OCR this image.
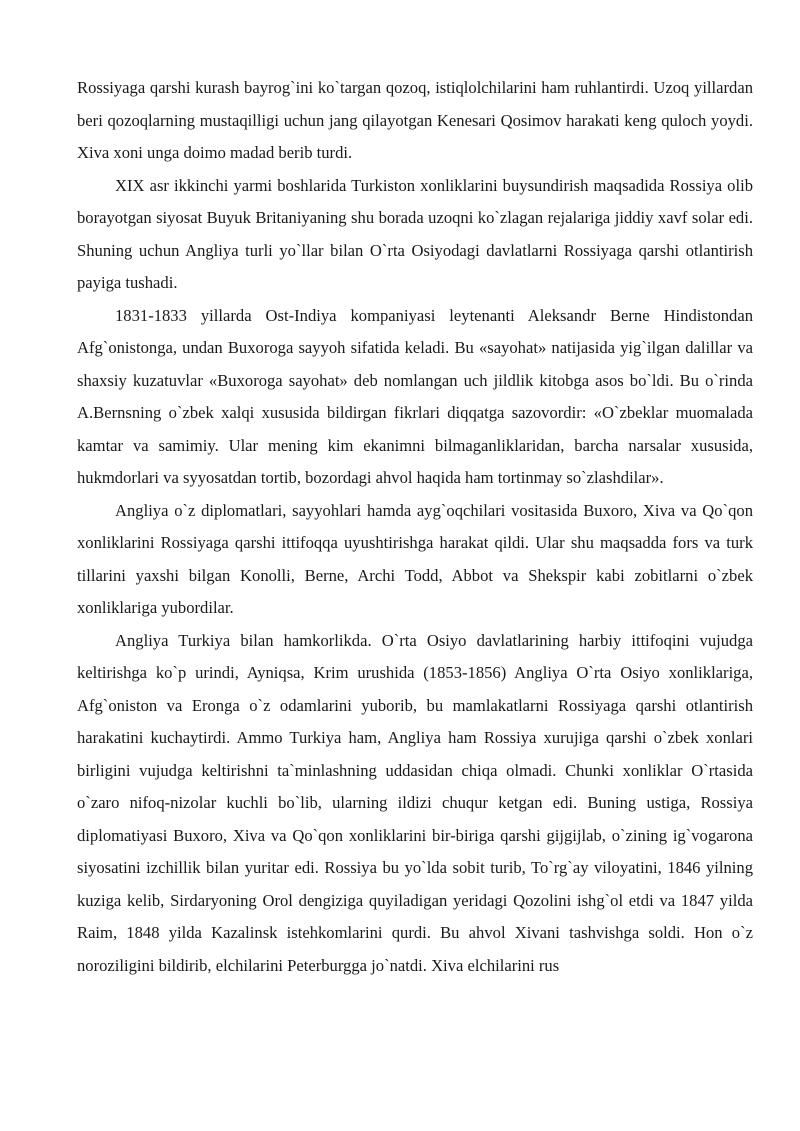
Rossiyaga qarshi kurash bayrog`ini ko`targan qozoq, istiqlolchilarini ham ruhlantirdi. Uzoq yillardan beri qozoqlarning mustaqilligi uchun jang qilayotgan Kenesari Qosimov harakati keng quloch yoydi. Xiva xoni unga doimo madad berib turdi.

XIX asr ikkinchi yarmi boshlarida Turkiston xonliklarini buysundirish maqsadida Rossiya olib borayotgan siyosat Buyuk Britaniyaning shu borada uzoqni ko`zlagan rejalariga jiddiy xavf solar edi. Shuning uchun Angliya turli yo`llar bilan O`rta Osiyodagi davlatlarni Rossiyaga qarshi otlantirish payiga tushadi.

1831-1833 yillarda Ost-Indiya kompaniyasi leytenanti Aleksandr Berne Hindistondan Afg`onistonga, undan Buxoroga sayyoh sifatida keladi. Bu «sayohat» natijasida yig`ilgan dalillar va shaxsiy kuzatuvlar «Buxoroga sayohat» deb nomlangan uch jildlik kitobga asos bo`ldi. Bu o`rinda A.Bernsning o`zbek xalqi xususida bildirgan fikrlari diqqatga sazovordir: «O`zbeklar muomalada kamtar va samimiy. Ular mening kim ekanimni bilmaganliklaridan, barcha narsalar xususida, hukmdorlari va syyosatdan tortib, bozordagi ahvol haqida ham tortinmay so`zlashdilar».

Angliya o`z diplomatlari, sayyohlari hamda ayg`oqchilari vositasida Buxoro, Xiva va Qo`qon xonliklarini Rossiyaga qarshi ittifoqqa uyushtirishga harakat qildi. Ular shu maqsadda fors va turk tillarini yaxshi bilgan Konolli, Berne, Archi Todd, Abbot va Shekspir kabi zobitlarni o`zbek xonliklariga yubordilar.

Angliya Turkiya bilan hamkorlikda. O`rta Osiyo davlatlarining harbiy ittifoqini vujudga keltirishga ko`p urindi, Ayniqsa, Krim urushida (1853-1856) Angliya O`rta Osiyo xonliklariga, Afg`oniston va Eronga o`z odamlarini yuborib, bu mamlakatlarni Rossiyaga qarshi otlantirish harakatini kuchaytirdi. Ammo Turkiya ham, Angliya ham Rossiya xurujiga qarshi o`zbek xonlari birligini vujudga keltirishni ta`minlashning uddasidan chiqa olmadi. Chunki xonliklar O`rtasida o`zaro nifoq-nizolar kuchli bo`lib, ularning ildizi chuqur ketgan edi. Buning ustiga, Rossiya diplomatiyasi Buxoro, Xiva va Qo`qon xonliklarini bir-biriga qarshi gijgijlab, o`zining ig`vogarona siyosatini izchillik bilan yuritar edi. Rossiya bu yo`lda sobit turib, To`rg`ay viloyatini, 1846 yilning kuziga kelib, Sirdaryoning Orol dengiziga quyiladigan yeridagi Qozolini ishg`ol etdi va 1847 yilda Raim, 1848 yilda Kazalinsk istehkomlarini qurdi. Bu ahvol Xivani tashvishga soldi. Hon o`z noroziligini bildirib, elchilarini Peterburgga jo`natdi. Xiva elchilarini rus
